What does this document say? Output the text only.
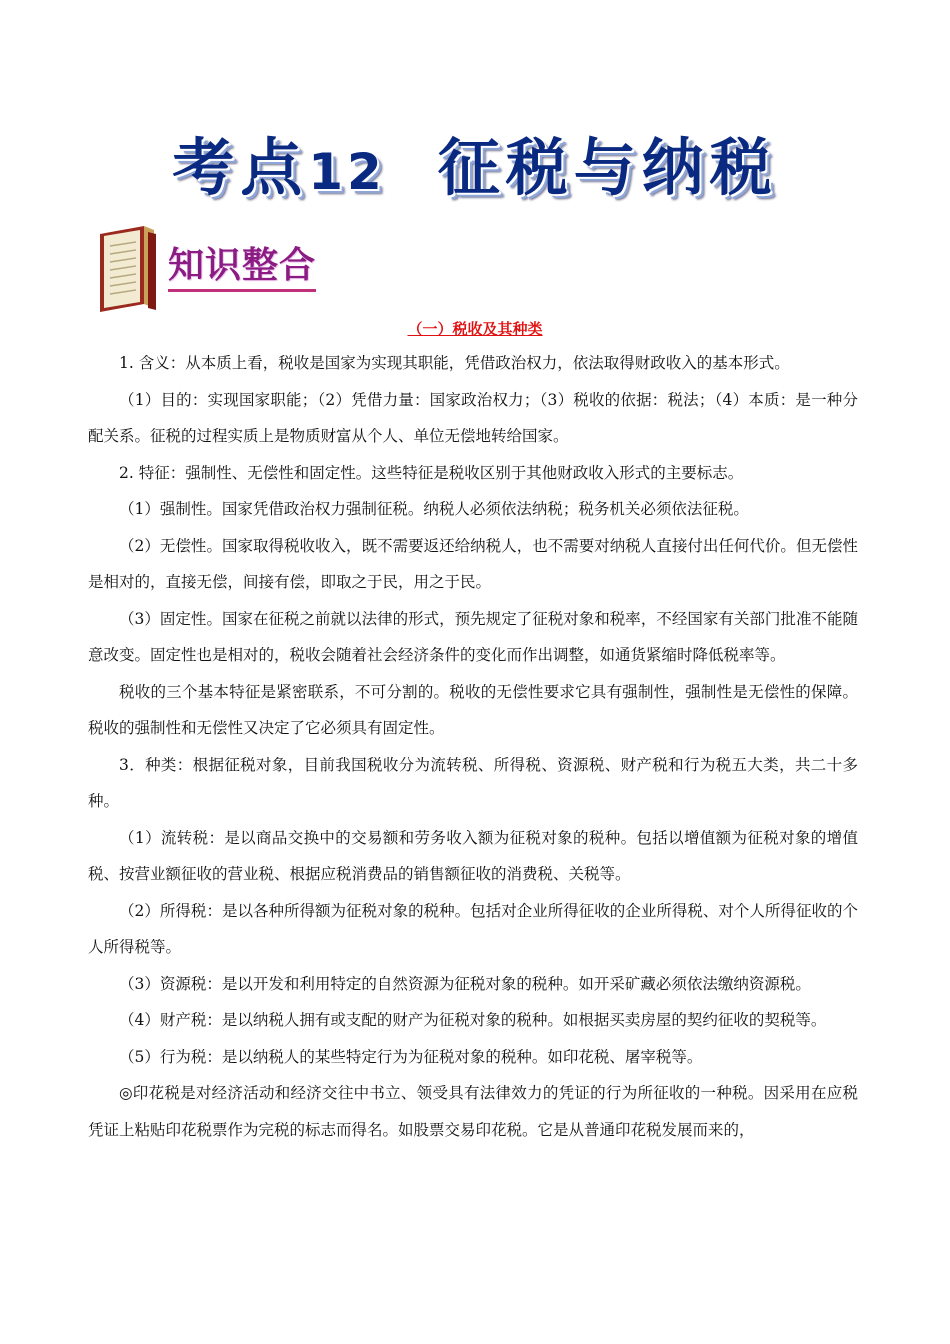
考点12 征税与纳税
知识整合
（一）税收及其种类

1. 含义：从本质上看，税收是国家为实现其职能，凭借政治权力，依法取得财政收入的基本形式。

（1）目的：实现国家职能；（2）凭借力量：国家政治权力；（3）税收的依据：税法；（4）本质：是一种分配关系。征税的过程实质上是物质财富从个人、单位无偿地转给国家。

2. 特征：强制性、无偿性和固定性。这些特征是税收区别于其他财政收入形式的主要标志。

（1）强制性。国家凭借政治权力强制征税。纳税人必须依法纳税；税务机关必须依法征税。

（2）无偿性。国家取得税收收入，既不需要返还给纳税人，也不需要对纳税人直接付出任何代价。但无偿性是相对的，直接无偿，间接有偿，即取之于民，用之于民。

（3）固定性。国家在征税之前就以法律的形式，预先规定了征税对象和税率，不经国家有关部门批准不能随意改变。固定性也是相对的，税收会随着社会经济条件的变化而作出调整，如通货紧缩时降低税率等。

税收的三个基本特征是紧密联系，不可分割的。税收的无偿性要求它具有强制性，强制性是无偿性的保障。税收的强制性和无偿性又决定了它必须具有固定性。

3．种类：根据征税对象，目前我国税收分为流转税、所得税、资源税、财产税和行为税五大类，共二十多种。

（1）流转税：是以商品交换中的交易额和劳务收入额为征税对象的税种。包括以增值额为征税对象的增值税、按营业额征收的营业税、根据应税消费品的销售额征收的消费税、关税等。

（2）所得税：是以各种所得额为征税对象的税种。包括对企业所得征收的企业所得税、对个人所得征收的个人所得税等。

（3）资源税：是以开发和利用特定的自然资源为征税对象的税种。如开采矿藏必须依法缴纳资源税。

（4）财产税：是以纳税人拥有或支配的财产为征税对象的税种。如根据买卖房屋的契约征收的契税等。

（5）行为税：是以纳税人的某些特定行为为征税对象的税种。如印花税、屠宰税等。

◎印花税是对经济活动和经济交往中书立、领受具有法律效力的凭证的行为所征收的一种税。因采用在应税凭证上粘贴印花税票作为完税的标志而得名。如股票交易印花税。它是从普通印花税发展而来的，
